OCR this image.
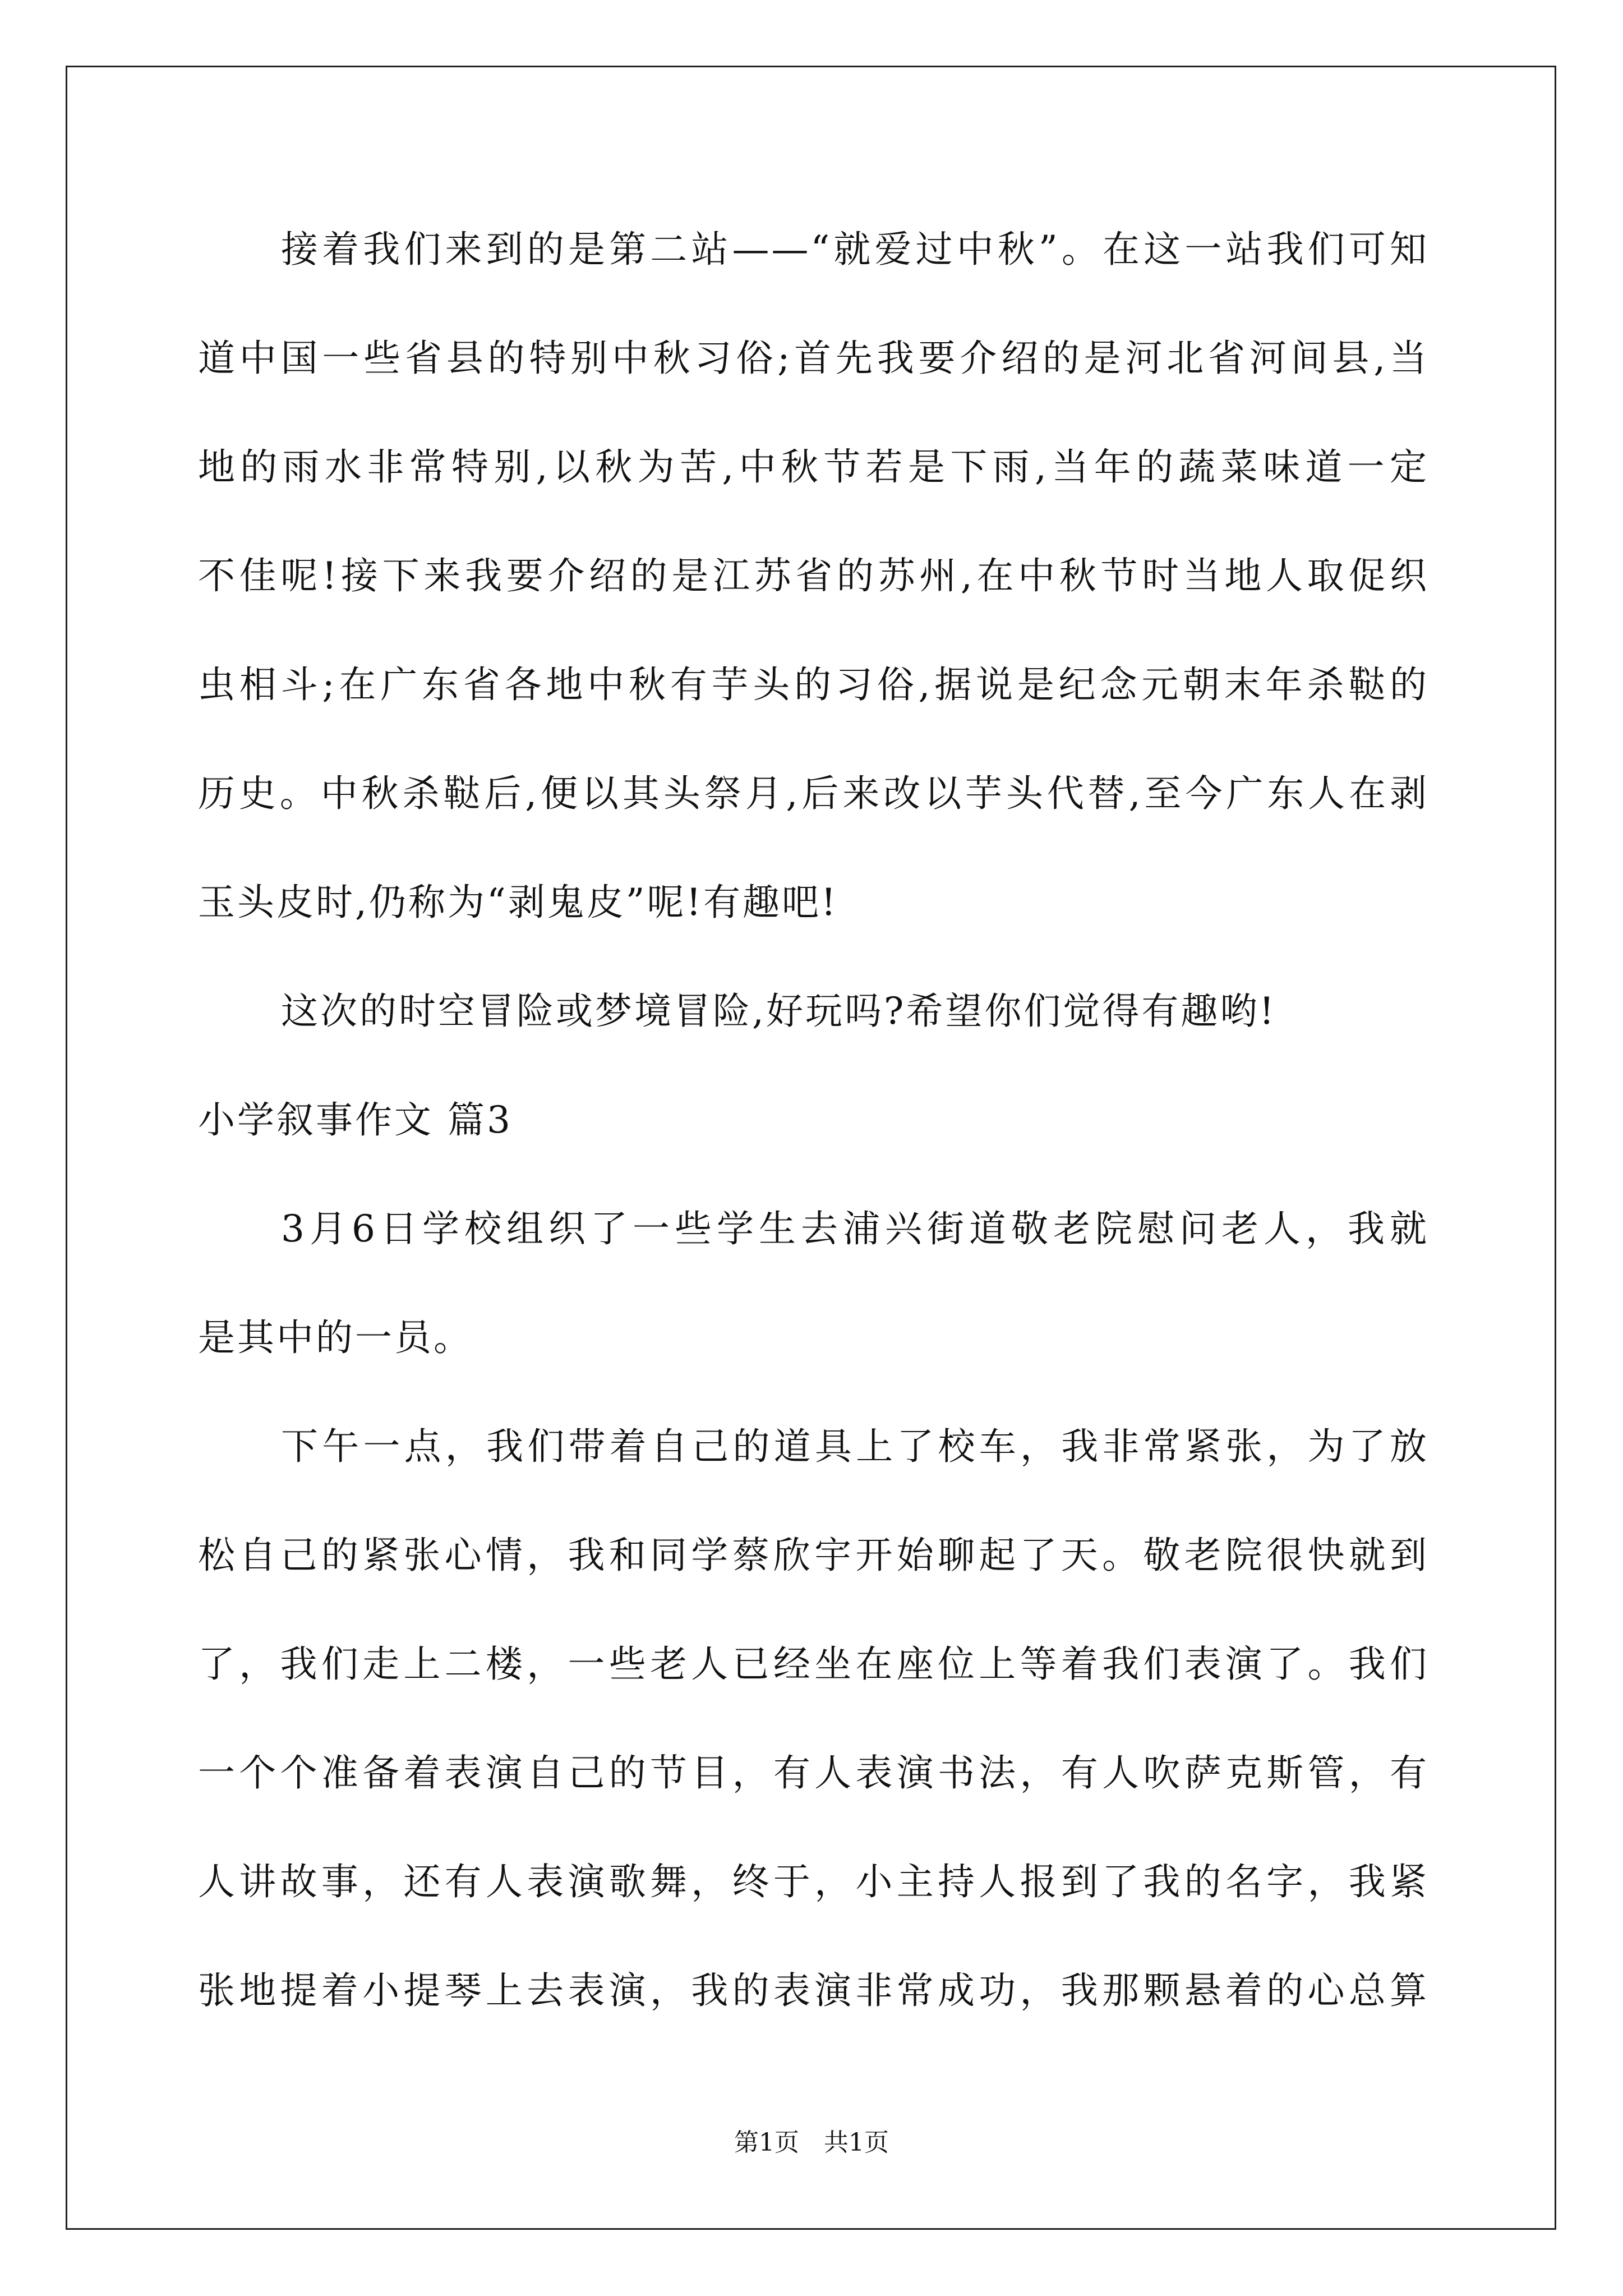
接着我们来到的是第二站——“就爱过中秋”。在这一站我们可知
道中国一些省县的特别中秋习俗;首先我要介绍的是河北省河间县,当
地的雨水非常特别,以秋为苦,中秋节若是下雨,当年的蔬菜味道一定
不佳呢!接下来我要介绍的是江苏省的苏州,在中秋节时当地人取促织
虫相斗;在广东省各地中秋有芋头的习俗,据说是纪念元朝末年杀鞑的
历史。中秋杀鞑后,便以其头祭月,后来改以芋头代替,至今广东人在剥
玉头皮时,仍称为“剥鬼皮”呢!有趣吧!
这次的时空冒险或梦境冒险,好玩吗?希望你们觉得有趣哟!
小学叙事作文 篇3
3月6日学校组织了一些学生去浦兴街道敬老院慰问老人，我就
是其中的一员。
下午一点，我们带着自己的道具上了校车，我非常紧张，为了放
松自己的紧张心情，我和同学蔡欣宇开始聊起了天。敬老院很快就到
了，我们走上二楼，一些老人已经坐在座位上等着我们表演了。我们
一个个准备着表演自己的节目，有人表演书法，有人吹萨克斯管，有
人讲故事，还有人表演歌舞，终于，小主持人报到了我的名字，我紧
张地提着小提琴上去表演，我的表演非常成功，我那颗悬着的心总算
第1页　共1页
